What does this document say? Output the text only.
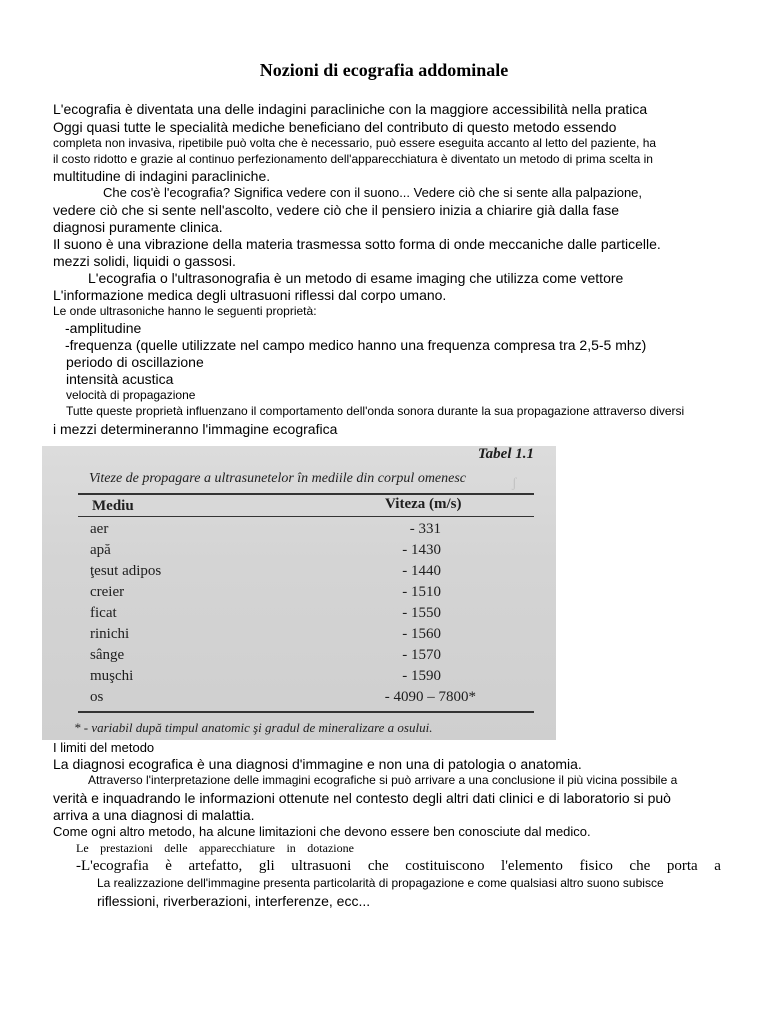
Nozioni di ecografia addominale
L'ecografia è diventata una delle indagini paracliniche con la maggiore accessibilità nella pratica
Oggi quasi tutte le specialità mediche beneficiano del contributo di questo metodo essendo
completa non invasiva, ripetibile può volta che è necessario, può essere eseguita accanto al letto del paziente, ha
il costo ridotto e grazie al continuo perfezionamento dell'apparecchiatura è diventato un metodo di prima scelta in
multitudine di indagini paracliniche.
Che cos'è l'ecografia? Significa vedere con il suono... Vedere ciò che si sente alla palpazione,
vedere ciò che si sente nell'ascolto, vedere ciò che il pensiero inizia a chiarire già dalla fase
diagnosi puramente clinica.
Il suono è una vibrazione della materia trasmessa sotto forma di onde meccaniche dalle particelle.
mezzi solidi, liquidi o gassosi.
L'ecografia o l'ultrasonografia è un metodo di esame imaging che utilizza come vettore
L'informazione medica degli ultrasuoni riflessi dal corpo umano.
Le onde ultrasoniche hanno le seguenti proprietà:
-amplitudine
-frequenza (quelle utilizzate nel campo medico hanno una frequenza compresa tra 2,5-5 mhz)
periodo di oscillazione
intensità acustica
velocità di propagazione
Tutte queste proprietà influenzano il comportamento dell'onda sonora durante la sua propagazione attraverso diversi
i mezzi determineranno l'immagine ecografica
ʃ
Tabel 1.1
Viteze de propagare a ultrasunetelor în mediile din corpul omenesc
Mediu	Viteza (m/s)
aer	- 331
apă	- 1430
ţesut adipos	- 1440
creier	- 1510
ficat	- 1550
rinichi	- 1560
sânge	- 1570
muşchi	- 1590
os	- 4090 – 7800*
* - variabil după timpul anatomic şi gradul de mineralizare a osului.
I limiti del metodo
La diagnosi ecografica è una diagnosi d'immagine e non una di patologia o anatomia.
Attraverso l'interpretazione delle immagini ecografiche si può arrivare a una conclusione il più vicina possibile a
verità e inquadrando le informazioni ottenute nel contesto degli altri dati clinici e di laboratorio si può
arriva a una diagnosi di malattia.
Come ogni altro metodo, ha alcune limitazioni che devono essere ben conosciute dal medico.
Le prestazioni delle apparecchiature in dotazione
-L'ecografia è artefatto, gli ultrasuoni che costituiscono l'elemento fisico che porta a
La realizzazione dell'immagine presenta particolarità di propagazione e come qualsiasi altro suono subisce
riflessioni, riverberazioni, interferenze, ecc...
